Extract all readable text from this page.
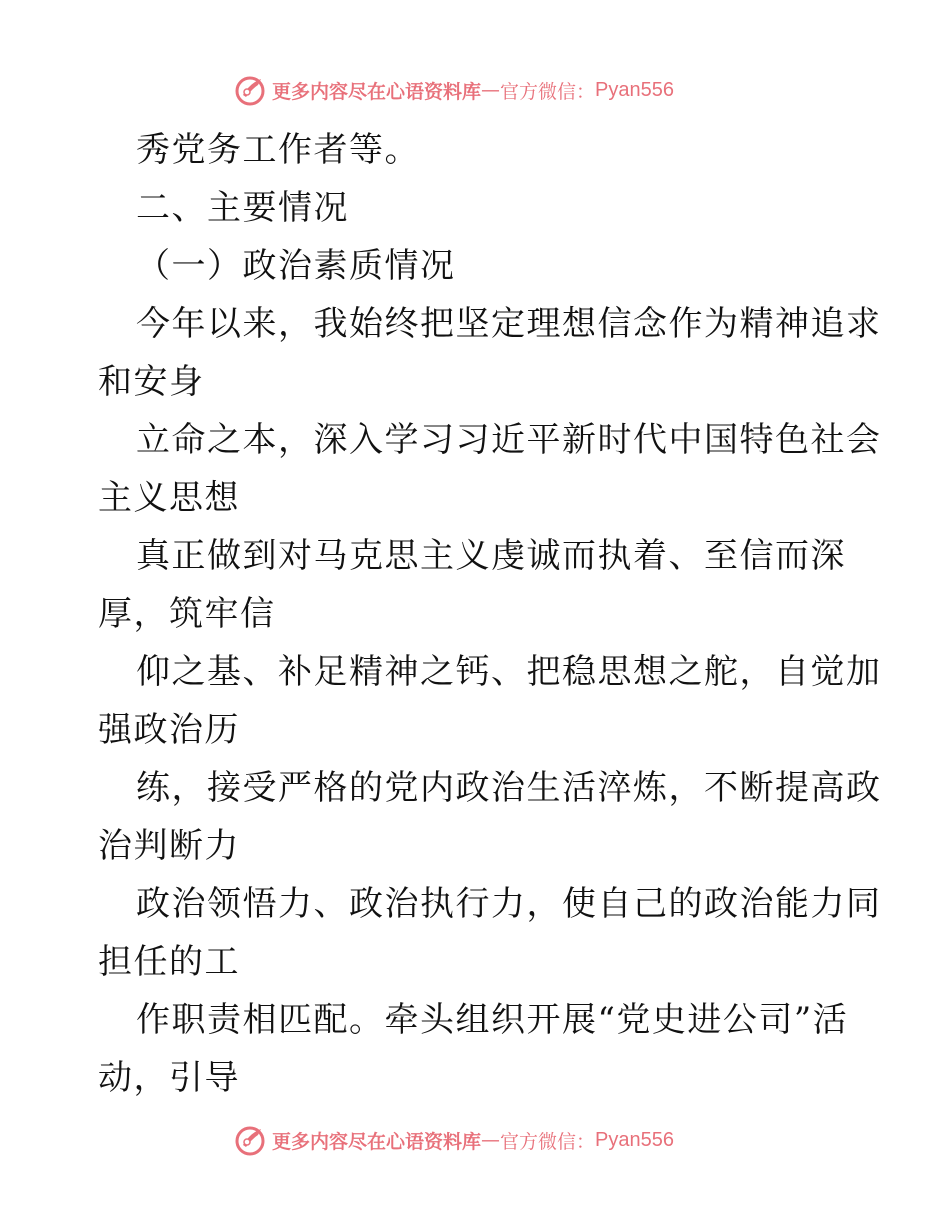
更多内容尽在心语资料库 — 官方微信： Pyan556
秀党务工作者等。
二、主要情况
（一）政治素质情况
今年以来，我始终把坚定理想信念作为精神追求
和安身
立命之本，深入学习习近平新时代中国特色社会
主义思想
真正做到对马克思主义虔诚而执着、至信而深
厚，筑牢信
仰之基、补足精神之钙、把稳思想之舵，自觉加
强政治历
练，接受严格的党内政治生活淬炼，不断提高政
治判断力
政治领悟力、政治执行力，使自己的政治能力同
担任的工
作职责相匹配。牵头组织开展“党史进公司”活
动，引导
更多内容尽在心语资料库 — 官方微信： Pyan556
